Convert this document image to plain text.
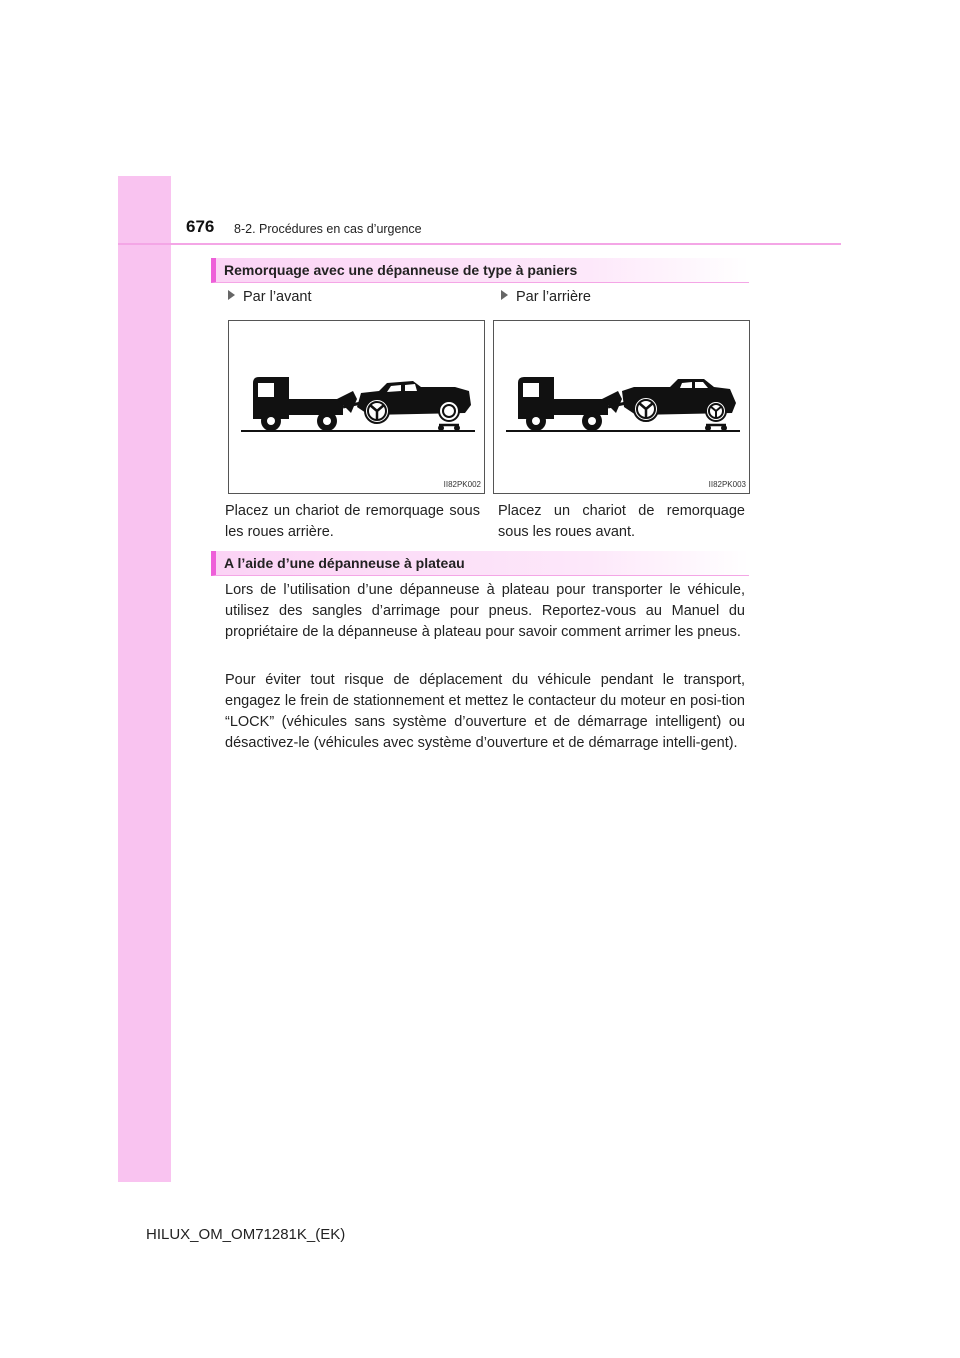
676 8-2. Procédures en cas d’urgence
Remorquage avec une dépanneuse de type à paniers
Par l’avant	Par l’arrière
II82PK002	II82PK003
Placez un chariot de remorquage sous les roues arrière.
Placez un chariot de remorquage sous les roues avant.
A l’aide d’une dépanneuse à plateau

Lors de l’utilisation d’une dépanneuse à plateau pour transporter le véhicule, utilisez des sangles d’arrimage pour pneus. Reportez-vous au Manuel du propriétaire de la dépanneuse à plateau pour savoir comment arrimer les pneus.

Pour éviter tout risque de déplacement du véhicule pendant le transport, engagez le frein de stationnement et mettez le contacteur du moteur en posi-tion “LOCK” (véhicules sans système d’ouverture et de démarrage intelligent) ou désactivez-le (véhicules avec système d’ouverture et de démarrage intelli-gent).

HILUX_OM_OM71281K_(EK)
